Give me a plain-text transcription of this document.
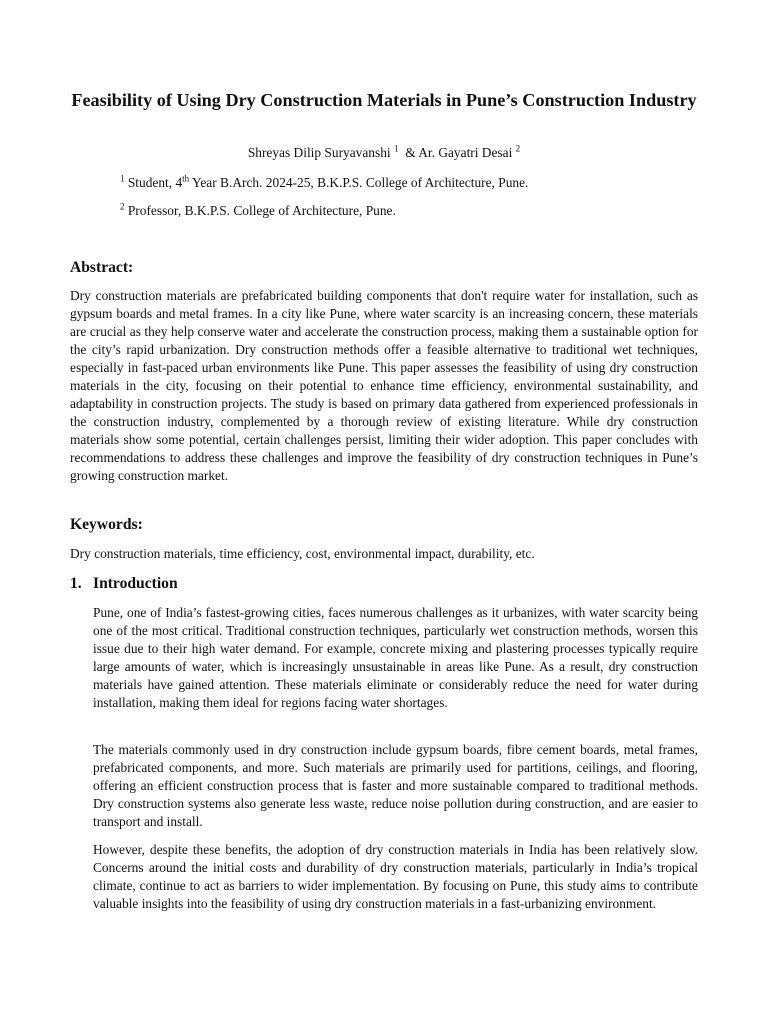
Feasibility of Using Dry Construction Materials in Pune’s Construction Industry
Shreyas Dilip Suryavanshi $^1$ & Ar. Gayatri Desai $^2$
$^1$ Student, 4th Year B.Arch. 2024-25, B.K.P.S. College of Architecture, Pune.
$^2$ Professor, B.K.P.S. College of Architecture, Pune.
Abstract:

Dry construction materials are prefabricated building components that don't require water for installation, such as gypsum boards and metal frames. In a city like Pune, where water scarcity is an increasing concern, these materials are crucial as they help conserve water and accelerate the construction process, making them a sustainable option for the city’s rapid urbanization. Dry construction methods offer a feasible alternative to traditional wet techniques, especially in fast-paced urban environments like Pune. This paper assesses the feasibility of using dry construction materials in the city, focusing on their potential to enhance time efficiency, environmental sustainability, and adaptability in construction projects. The study is based on primary data gathered from experienced professionals in the construction industry, complemented by a thorough review of existing literature. While dry construction materials show some potential, certain challenges persist, limiting their wider adoption. This paper concludes with recommendations to address these challenges and improve the feasibility of dry construction techniques in Pune’s growing construction market.

Keywords:

Dry construction materials, time efficiency, cost, environmental impact, durability, etc.

1. Introduction

Pune, one of India’s fastest-growing cities, faces numerous challenges as it urbanizes, with water scarcity being one of the most critical. Traditional construction techniques, particularly wet construction methods, worsen this issue due to their high water demand. For example, concrete mixing and plastering processes typically require large amounts of water, which is increasingly unsustainable in areas like Pune. As a result, dry construction materials have gained attention. These materials eliminate or considerably reduce the need for water during installation, making them ideal for regions facing water shortages.

The materials commonly used in dry construction include gypsum boards, fibre cement boards, metal frames, prefabricated components, and more. Such materials are primarily used for partitions, ceilings, and flooring, offering an efficient construction process that is faster and more sustainable compared to traditional methods. Dry construction systems also generate less waste, reduce noise pollution during construction, and are easier to transport and install.

However, despite these benefits, the adoption of dry construction materials in India has been relatively slow. Concerns around the initial costs and durability of dry construction materials, particularly in India’s tropical climate, continue to act as barriers to wider implementation. By focusing on Pune, this study aims to contribute valuable insights into the feasibility of using dry construction materials in a fast-urbanizing environment.
